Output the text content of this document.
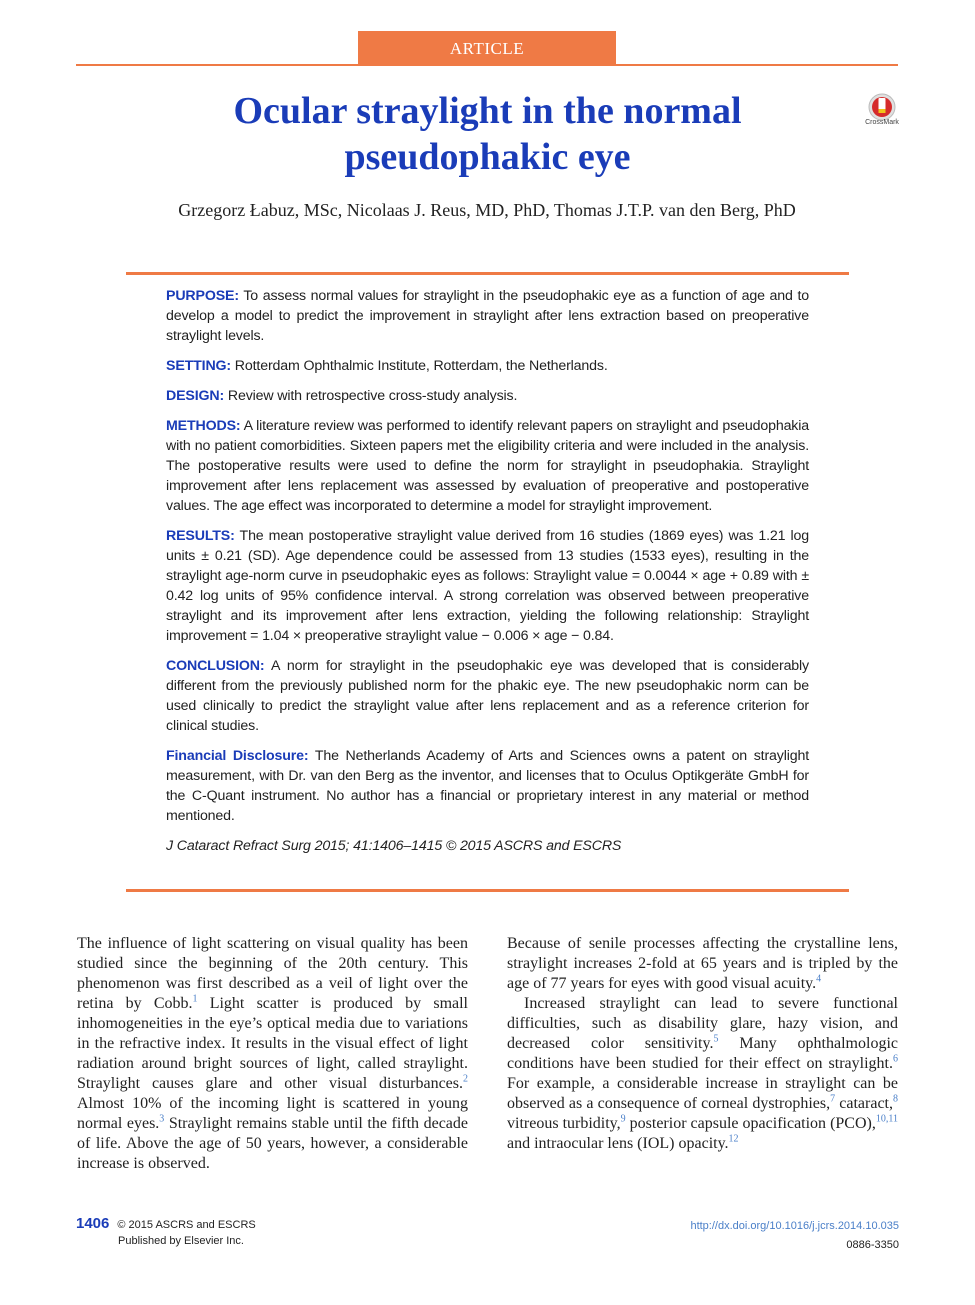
ARTICLE
Ocular straylight in the normal pseudophakic eye
CrossMark
Grzegorz Łabuz, MSc, Nicolaas J. Reus, MD, PhD, Thomas J.T.P. van den Berg, PhD

PURPOSE: To assess normal values for straylight in the pseudophakic eye as a function of age and to develop a model to predict the improvement in straylight after lens extraction based on preoperative straylight levels.

SETTING: Rotterdam Ophthalmic Institute, Rotterdam, the Netherlands.

DESIGN: Review with retrospective cross-study analysis.

METHODS: A literature review was performed to identify relevant papers on straylight and pseudophakia with no patient comorbidities. Sixteen papers met the eligibility criteria and were included in the analysis. The postoperative results were used to define the norm for straylight in pseudophakia. Straylight improvement after lens replacement was assessed by evaluation of preoperative and postoperative values. The age effect was incorporated to determine a model for straylight improvement.

RESULTS: The mean postoperative straylight value derived from 16 studies (1869 eyes) was 1.21 log units ± 0.21 (SD). Age dependence could be assessed from 13 studies (1533 eyes), resulting in the straylight age-norm curve in pseudophakic eyes as follows: Straylight value = 0.0044 × age + 0.89 with ± 0.42 log units of 95% confidence interval. A strong correlation was observed between preoperative straylight and its improvement after lens extraction, yielding the following relationship: Straylight improvement = 1.04 × preoperative straylight value − 0.006 × age − 0.84.

CONCLUSION: A norm for straylight in the pseudophakic eye was developed that is considerably different from the previously published norm for the phakic eye. The new pseudophakic norm can be used clinically to predict the straylight value after lens replacement and as a reference criterion for clinical studies.

Financial Disclosure: The Netherlands Academy of Arts and Sciences owns a patent on straylight measurement, with Dr. van den Berg as the inventor, and licenses that to Oculus Optikgeräte GmbH for the C-Quant instrument. No author has a financial or proprietary interest in any material or method mentioned.

J Cataract Refract Surg 2015; 41:1406–1415 © 2015 ASCRS and ESCRS

The influence of light scattering on visual quality has been studied since the beginning of the 20th century. This phenomenon was first described as a veil of light over the retina by Cobb.$^1$ Light scatter is produced by small inhomogeneities in the eye’s optical media due to variations in the refractive index. It results in the visual effect of light radiation around bright sources of light, called straylight. Straylight causes glare and other visual disturbances.$^2$ Almost 10% of the incoming light is scattered in young normal eyes.$^3$ Straylight remains stable until the fifth decade of life. Above the age of 50 years, however, a considerable increase is observed.

Because of senile processes affecting the crystalline lens, straylight increases 2-fold at 65 years and is tripled by the age of 77 years for eyes with good visual acuity.$^4$

Increased straylight can lead to severe functional difficulties, such as disability glare, hazy vision, and decreased color sensitivity.$^5$ Many ophthalmologic conditions have been studied for their effect on straylight.$^6$ For example, a considerable increase in straylight can be observed as a consequence of corneal dystrophies,$^7$ cataract,$^8$ vitreous turbidity,$^9$ posterior capsule opacification (PCO),$^{10,11}$ and intraocular lens (IOL) opacity.$^{12}$

1406 © 2015 ASCRS and ESCRS
Published by Elsevier Inc.
http://dx.doi.org/10.1016/j.jcrs.2014.10.035
0886-3350
